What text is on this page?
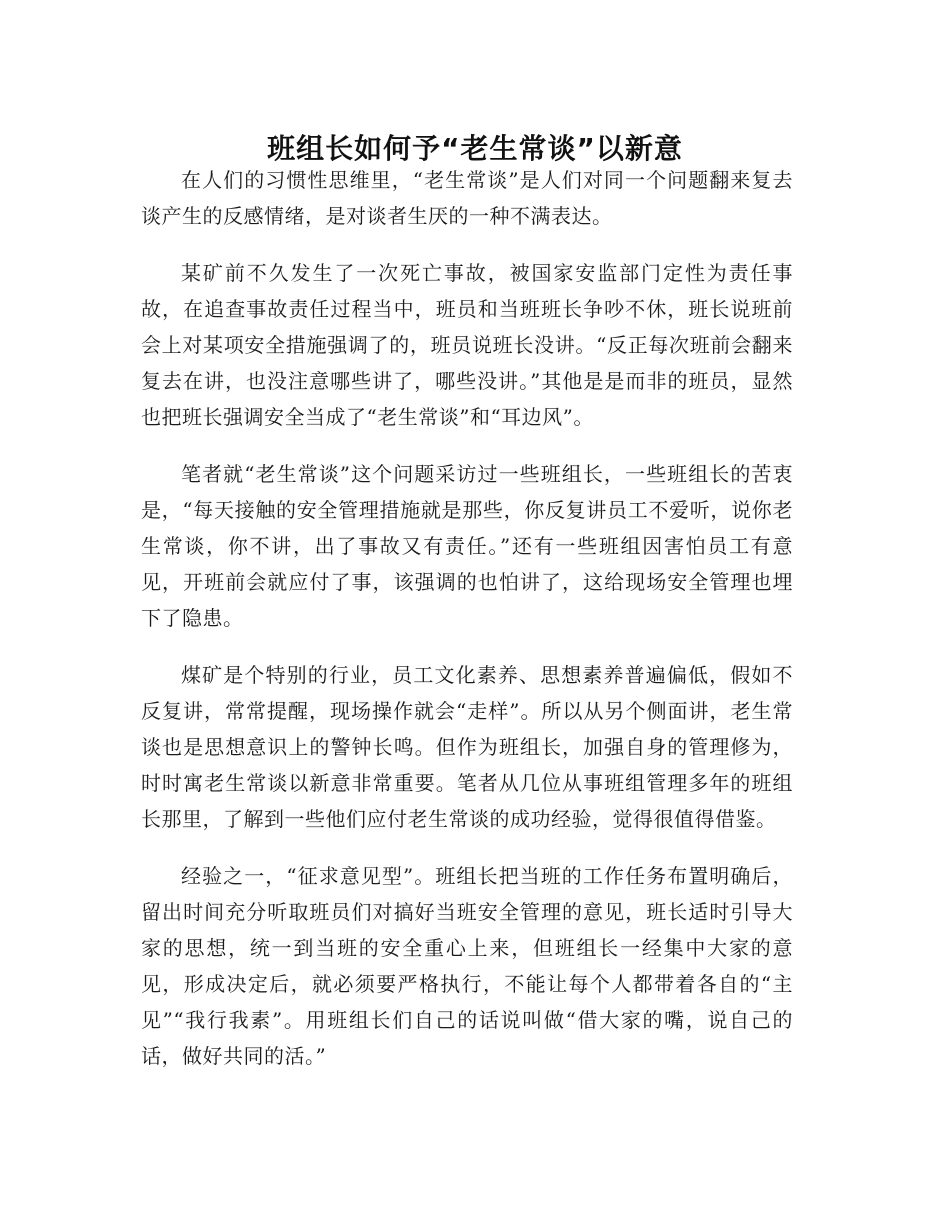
班组长如何予“老生常谈”以新意

在人们的习惯性思维里，“老生常谈”是人们对同一个问题翻来复去谈产生的反感情绪，是对谈者生厌的一种不满表达。

某矿前不久发生了一次死亡事故，被国家安监部门定性为责任事故，在追查事故责任过程当中，班员和当班班长争吵不休，班长说班前会上对某项安全措施强调了的，班员说班长没讲。“反正每次班前会翻来复去在讲，也没注意哪些讲了，哪些没讲。”其他是是而非的班员，显然也把班长强调安全当成了“老生常谈”和“耳边风”。

笔者就“老生常谈”这个问题采访过一些班组长，一些班组长的苦衷是，“每天接触的安全管理措施就是那些，你反复讲员工不爱听，说你老生常谈，你不讲，出了事故又有责任。”还有一些班组因害怕员工有意见，开班前会就应付了事，该强调的也怕讲了，这给现场安全管理也埋下了隐患。

煤矿是个特别的行业，员工文化素养、思想素养普遍偏低，假如不反复讲，常常提醒，现场操作就会“走样”。所以从另个侧面讲，老生常谈也是思想意识上的警钟长鸣。但作为班组长，加强自身的管理修为，时时寓老生常谈以新意非常重要。笔者从几位从事班组管理多年的班组长那里，了解到一些他们应付老生常谈的成功经验，觉得很值得借鉴。

经验之一，“征求意见型”。班组长把当班的工作任务布置明确后，留出时间充分听取班员们对搞好当班安全管理的意见，班长适时引导大家的思想，统一到当班的安全重心上来，但班组长一经集中大家的意见，形成决定后，就必须要严格执行，不能让每个人都带着各自的“主见”“我行我素”。用班组长们自己的话说叫做“借大家的嘴，说自己的话，做好共同的活。”
